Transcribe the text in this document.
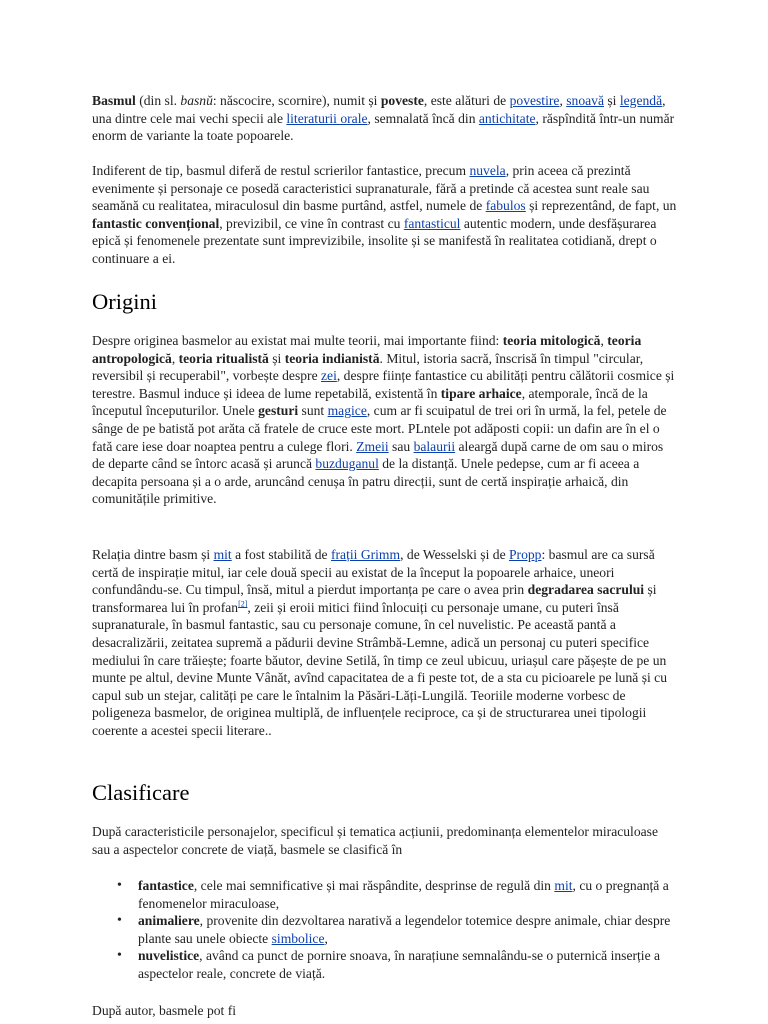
Basmul (din sl. basnŭ: născocire, scornire), numit și poveste, este alături de povestire, snoavă și legendă, una dintre cele mai vechi specii ale literaturii orale, semnalată încă din antichitate, răspîndită într-un număr enorm de variante la toate popoarele.

Indiferent de tip, basmul diferă de restul scrierilor fantastice, precum nuvela, prin aceea că prezintă evenimente și personaje ce posedă caracteristici supranaturale, fără a pretinde că acestea sunt reale sau seamănă cu realitatea, miraculosul din basme purtând, astfel, numele de fabulos și reprezentând, de fapt, un fantastic convențional, previzibil, ce vine în contrast cu fantasticul autentic modern, unde desfășurarea epică și fenomenele prezentate sunt imprevizibile, insolite și se manifestă în realitatea cotidiană, drept o continuare a ei.

Origini

Despre originea basmelor au existat mai multe teorii, mai importante fiind: teoria mitologică, teoria antropologică, teoria ritualistă și teoria indianistă. Mitul, istoria sacră, înscrisă în timpul "circular, reversibil și recuperabil", vorbește despre zei, despre ființe fantastice cu abilități pentru călătorii cosmice și terestre. Basmul induce și ideea de lume repetabilă, existentă în tipare arhaice, atemporale, încă de la începutul începuturilor. Unele gesturi sunt magice, cum ar fi scuipatul de trei ori în urmă, la fel, petele de sânge de pe batistă pot arăta că fratele de cruce este mort. PLntele pot adăposti copii: un dafin are în el o fată care iese doar noaptea pentru a culege flori. Zmeii sau balaurii aleargă după carne de om sau o miros de departe când se întorc acasă și aruncă buzduganul de la distanță. Unele pedepse, cum ar fi aceea a decapita persoana și a o arde, aruncând cenușa în patru direcții, sunt de certă inspirație arhaică, din comunitățile primitive.

Relația dintre basm și mit a fost stabilită de frații Grimm, de Wesselski și de Propp: basmul are ca sursă certă de inspirație mitul, iar cele două specii au existat de la început la popoarele arhaice, uneori confundându-se. Cu timpul, însă, mitul a pierdut importanța pe care o avea prin degradarea sacrului și transformarea lui în profan[2], zeii și eroii mitici fiind înlocuiți cu personaje umane, cu puteri însă supranaturale, în basmul fantastic, sau cu personaje comune, în cel nuvelistic. Pe această pantă a desacralizării, zeitatea supremă a pădurii devine Strâmbă-Lemne, adică un personaj cu puteri specifice mediului în care trăiește; foarte băutor, devine Setilă, în timp ce zeul ubicuu, uriașul care pășește de pe un munte pe altul, devine Munte Vânăt, avînd capacitatea de a fi peste tot, de a sta cu picioarele pe lună și cu capul sub un stejar, calități pe care le întalnim la Păsări-Lăți-Lungilă. Teoriile moderne vorbesc de poligeneza basmelor, de originea multiplă, de influențele reciproce, ca și de structurarea unei tipologii coerente a acestei specii literare..

Clasificare

După caracteristicile personajelor, specificul și tematica acțiunii, predominanța elementelor miraculoase sau a aspectelor concrete de viață, basmele se clasifică în

• fantastice, cele mai semnificative și mai răspândite, desprinse de regulă din mit, cu o pregnanță a fenomenelor miraculoase,
• animaliere, provenite din dezvoltarea narativă a legendelor totemice despre animale, chiar despre plante sau unele obiecte simbolice,
• nuvelistice, având ca punct de pornire snoava, în narațiune semnalându-se o puternică inserție a aspectelor reale, concrete de viață.

După autor, basmele pot fi
